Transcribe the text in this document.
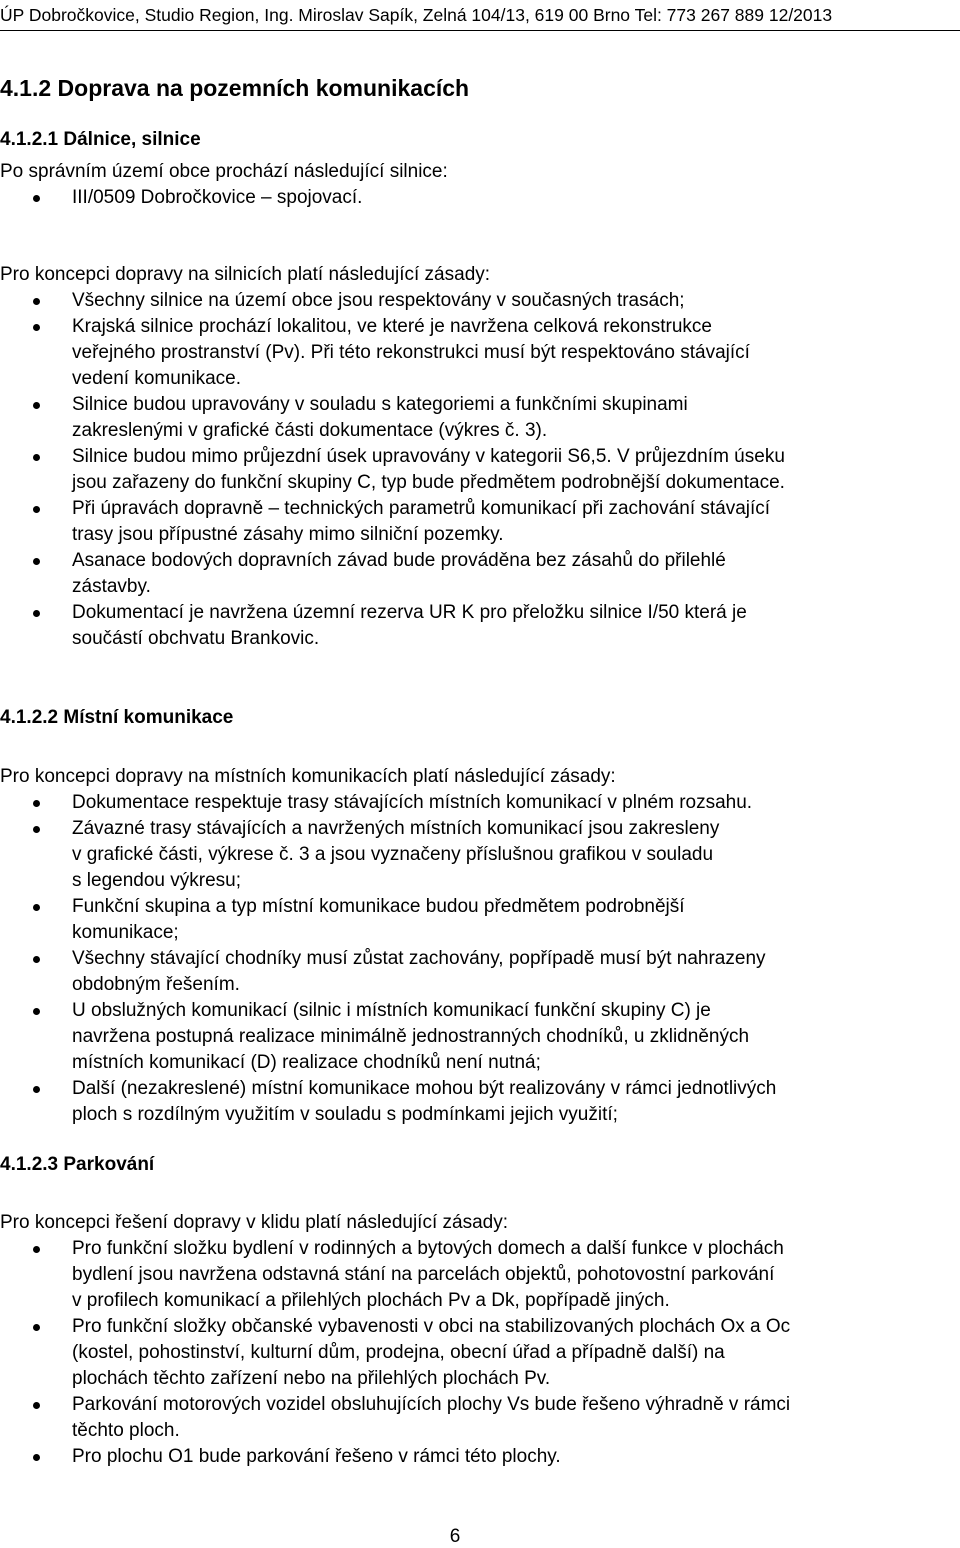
ÚP Dobročkovice, Studio Region, Ing. Miroslav Sapík, Zelná 104/13, 619 00 Brno Tel: 773 267 889 12/2013
4.1.2 Doprava na pozemních komunikacích
4.1.2.1 Dálnice, silnice

Po správním území obce prochází následující silnice:

III/0509 Dobročkovice – spojovací.

Pro koncepci dopravy na silnicích platí následující zásady:

Všechny silnice na území obce jsou respektovány v současných trasách;
Krajská silnice prochází lokalitou, ve které je navržena celková rekonstrukce
veřejného prostranství (Pv). Při této rekonstrukci musí být respektováno stávající
vedení komunikace.
Silnice budou upravovány v souladu s kategoriemi a funkčními skupinami
zakreslenými v grafické části dokumentace (výkres č. 3).
Silnice budou mimo průjezdní úsek upravovány v kategorii S6,5. V průjezdním úseku
jsou zařazeny do funkční skupiny C, typ bude předmětem podrobnější dokumentace.
Při úpravách dopravně – technických parametrů komunikací při zachování stávající
trasy jsou přípustné zásahy mimo silniční pozemky.
Asanace bodových dopravních závad bude prováděna bez zásahů do přilehlé
zástavby.
Dokumentací je navržena územní rezerva UR K pro přeložku silnice I/50 která je
součástí obchvatu Brankovic.
4.1.2.2 Místní komunikace

Pro koncepci dopravy na místních komunikacích platí následující zásady:

Dokumentace respektuje trasy stávajících místních komunikací v plném rozsahu.
Závazné trasy stávajících a navržených místních komunikací jsou zakresleny
v grafické části, výkrese č. 3 a jsou vyznačeny příslušnou grafikou v souladu
s legendou výkresu;
Funkční skupina a typ místní komunikace budou předmětem podrobnější
komunikace;
Všechny stávající chodníky musí zůstat zachovány, popřípadě musí být nahrazeny
obdobným řešením.
U obslužných komunikací (silnic i místních komunikací funkční skupiny C) je
navržena postupná realizace minimálně jednostranných chodníků, u zklidněných
místních komunikací (D) realizace chodníků není nutná;
Další (nezakreslené) místní komunikace mohou být realizovány v rámci jednotlivých
ploch s rozdílným využitím v souladu s podmínkami jejich využití;
4.1.2.3 Parkování

Pro koncepci řešení dopravy v klidu platí následující zásady:

Pro funkční složku bydlení v rodinných a bytových domech a další funkce v plochách
bydlení jsou navržena odstavná stání na parcelách objektů, pohotovostní parkování
v profilech komunikací a přilehlých plochách Pv a Dk, popřípadě jiných.
Pro funkční složky občanské vybavenosti v obci na stabilizovaných plochách Ox a Oc
(kostel, pohostinství, kulturní dům, prodejna, obecní úřad a případně další) na
plochách těchto zařízení nebo na přilehlých plochách Pv.
Parkování motorových vozidel obsluhujících plochy Vs bude řešeno výhradně v rámci
těchto ploch.
Pro plochu O1 bude parkování řešeno v rámci této plochy.
6
